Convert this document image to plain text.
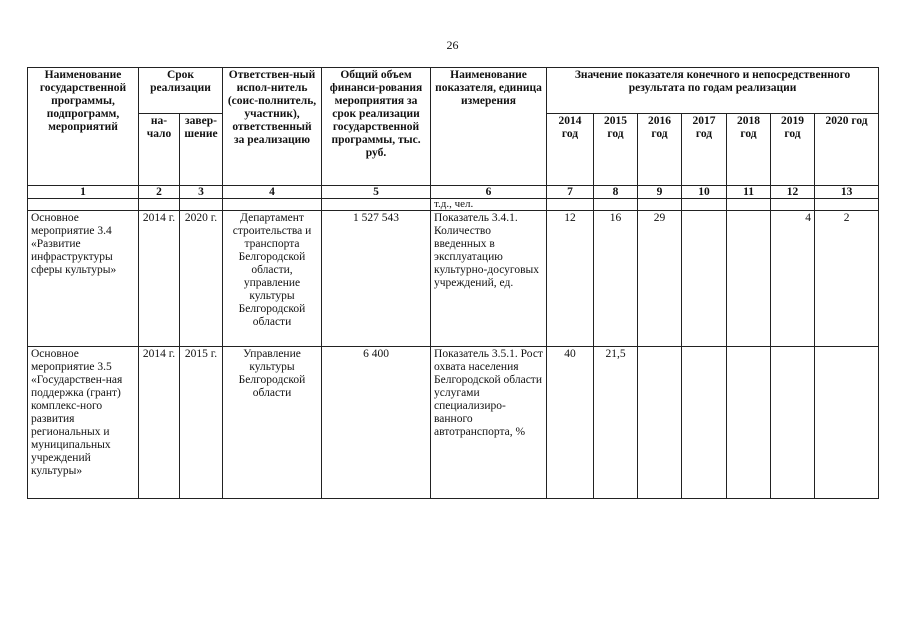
26
Наименование государственной программы, подпрограмм, мероприятий	Срок реализации		Ответствен-ный испол-нитель (соис-полнитель, участник), ответственный за реализацию	Общий объем финанси-рования мероприятия за срок реализации государственной программы, тыс. руб.	Наименование показателя, единица измерения	Значение показателя конечного и непосредственного результата по годам реализации						
	на-чало	завер-шение				2014 год	2015 год	2016 год	2017 год	2018 год	2019 год	2020 год
1	2	3	4	5	6	7	8	9	10	11	12	13
					т.д., чел.							
Основное мероприятие 3.4 «Развитие инфраструктуры сферы культуры»	2014 г.	2020 г.	Департамент строительства и транспорта Белгородской области, управление культуры Белгородской области	1 527 543	Показатель 3.4.1. Количество введенных в эксплуатацию культурно-досуговых учреждений, ед.	12	16	29			4	2
Основное мероприятие 3.5 «Государствен-ная поддержка (грант) комплекс-ного развития региональных и муниципальных учреждений культуры»	2014 г.	2015 г.	Управление культуры Белгородской области	6 400	Показатель 3.5.1. Рост охвата населения Белгородской области услугами специализиро-ванного автотранспорта, %	40	21,5					
